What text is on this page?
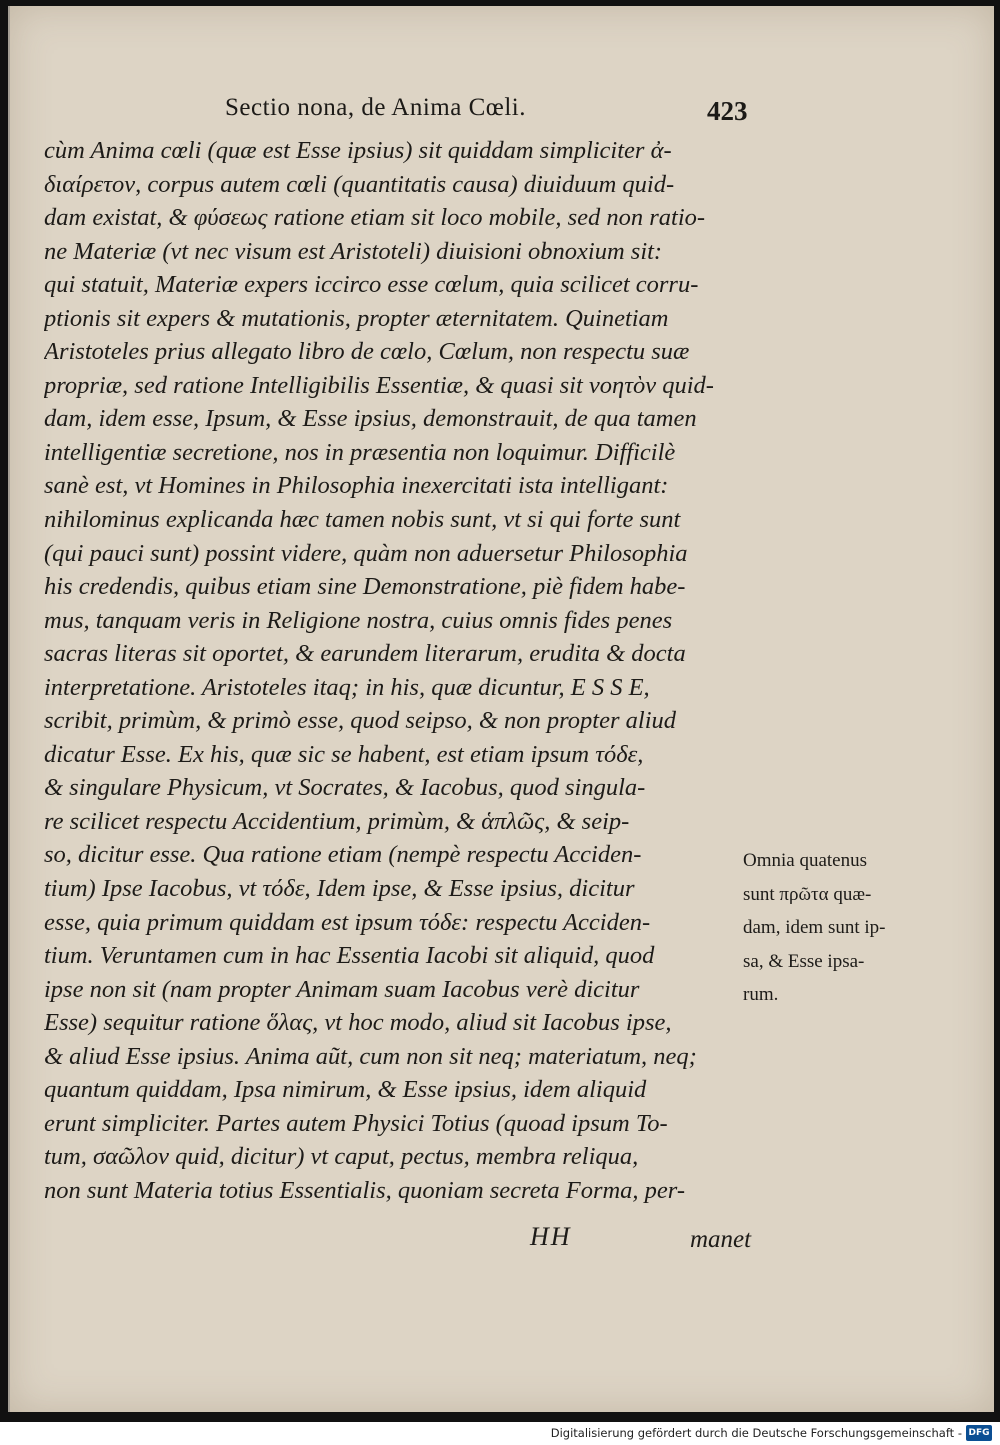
Sectio nona, de Anima Cœli.	423
cùm Anima cœli (quæ est Esse ipsius) sit quiddam simpliciter ἀ-
διαίρετον, corpus autem cœli (quantitatis causa) diuiduum quid-
dam existat, & φύσεως ratione etiam sit loco mobile, sed non ratio-
ne Materiæ (vt nec visum est Aristoteli) diuisioni obnoxium sit:
qui statuit, Materiæ expers iccirco esse cœlum, quia scilicet corru-
ptionis sit expers & mutationis, propter æternitatem. Quinetiam
Aristoteles prius allegato libro de cœlo, Cœlum, non respectu suæ
propriæ, sed ratione Intelligibilis Essentiæ, & quasi sit νοητὸν quid-
dam, idem esse, Ipsum, & Esse ipsius, demonstrauit, de qua tamen
intelligentiæ secretione, nos in præsentia non loquimur. Difficilè
sanè est, vt Homines in Philosophia inexercitati ista intelligant:
nihilominus explicanda hæc tamen nobis sunt, vt si qui forte sunt
(qui pauci sunt) possint videre, quàm non aduersetur Philosophia
his credendis, quibus etiam sine Demonstratione, piè fidem habe-
mus, tanquam veris in Religione nostra, cuius omnis fides penes
sacras literas sit oportet, & earundem literarum, erudita & docta
interpretatione. Aristoteles itaq; in his, quæ dicuntur, E S S E,
scribit, primùm, & primò esse, quod seipso, & non propter aliud
dicatur Esse. Ex his, quæ sic se habent, est etiam ipsum τόδε,
& singulare Physicum, vt Socrates, & Iacobus, quod singula-
re scilicet respectu Accidentium, primùm, & ἁπλῶς, & seip-
so, dicitur esse. Qua ratione etiam (nempè respectu Acciden-
tium) Ipse Iacobus, vt τόδε, Idem ipse, & Esse ipsius, dicitur
esse, quia primum quiddam est ipsum τόδε: respectu Acciden-
tium. Veruntamen cum in hac Essentia Iacobi sit aliquid, quod
ipse non sit (nam propter Animam suam Iacobus verè dicitur
Esse) sequitur ratione ὅλας, vt hoc modo, aliud sit Iacobus ipse,
& aliud Esse ipsius. Anima aũt, cum non sit neq; materiatum, neq;
quantum quiddam, Ipsa nimirum, & Esse ipsius, idem aliquid
erunt simpliciter. Partes autem Physici Totius (quoad ipsum To-
tum, σαῶλον quid, dicitur) vt caput, pectus, membra reliqua,
non sunt Materia totius Essentialis, quoniam secreta Forma, per-
Omnia quatenus
sunt πρῶτα quæ-
dam, idem sunt ip-
sa, & Esse ipsa-
rum.
HH	manet
Digitalisierung gefördert durch die Deutsche Forschungsgemeinschaft - DFG
